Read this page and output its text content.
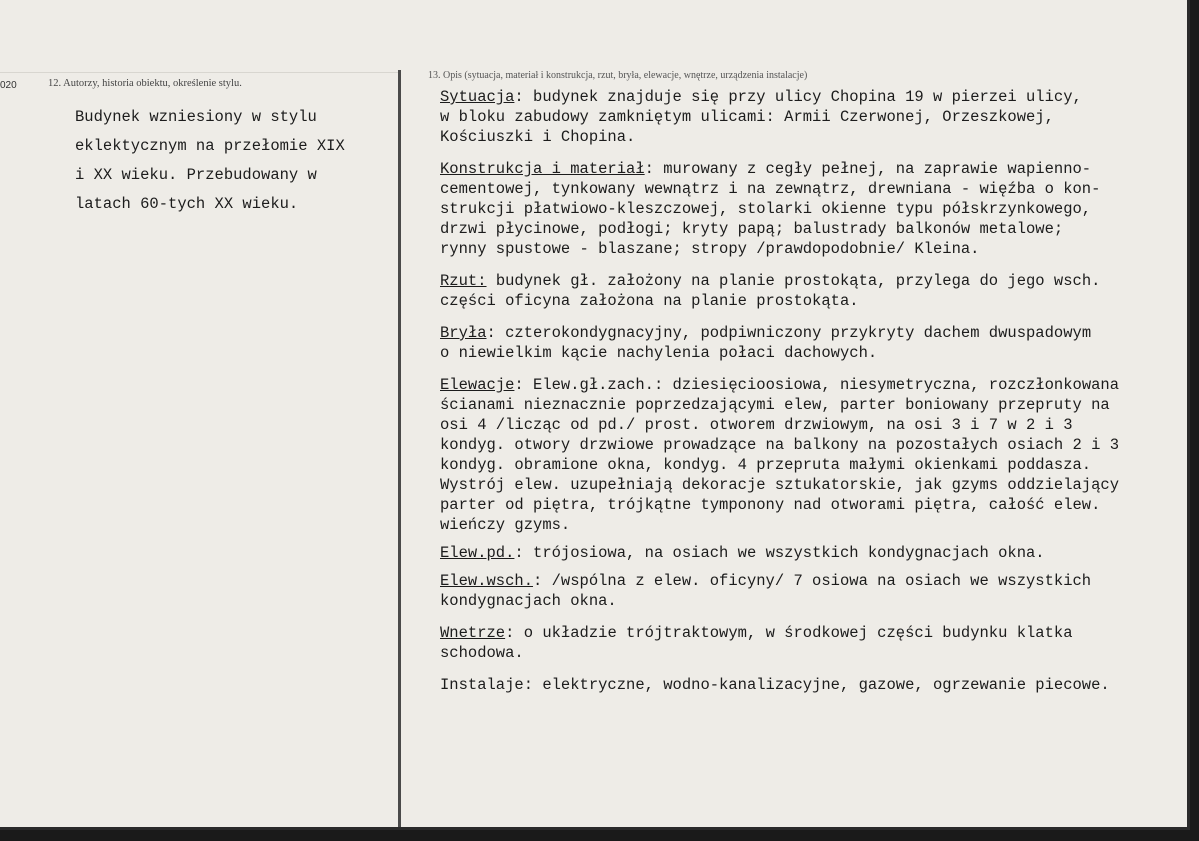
020	12. Autorzy, historia obiektu, określenie stylu.
13. Opis (sytuacja, materiał i konstrukcja, rzut, bryła, elewacje, wnętrze, urządzenia instalacje)
Budynek wzniesiony w stylu
eklektycznym na przełomie XIX
i XX wieku. Przebudowany w
latach 60-tych XX wieku.
Sytuacja: budynek znajduje się przy ulicy Chopina 19 w pierzei ulicy,
w bloku zabudowy zamkniętym ulicami: Armii Czerwonej, Orzeszkowej,
Kościuszki i Chopina.
Konstrukcja i materiał: murowany z cegły pełnej, na zaprawie wapienno-
cementowej, tynkowany wewnątrz i na zewnątrz, drewniana - więźba o kon-
strukcji płatwiowo-kleszczowej, stolarki okienne typu półskrzynkowego,
drzwi płycinowe, podłogi; kryty papą; balustrady balkonów metalowe;
rynny spustowe - blaszane; stropy /prawdopodobnie/ Kleina.
Rzut: budynek gł. założony na planie prostokąta, przylega do jego wsch.
części oficyna założona na planie prostokąta.
Bryła: czterokondygnacyjny, podpiwniczony przykryty dachem dwuspadowym
o niewielkim kącie nachylenia połaci dachowych.
Elewacje: Elew.gł.zach.: dziesięcioosiowa, niesymetryczna, rozczłonkowana
ścianami nieznacznie poprzedzającymi elew, parter boniowany przepruty na
osi 4 /licząc od pd./ prost. otworem drzwiowym, na osi 3 i 7 w 2 i 3
kondyg. otwory drzwiowe prowadzące na balkony na pozostałych osiach 2 i 3
kondyg. obramione okna, kondyg. 4 przepruta małymi okienkami poddasza.
Wystrój elew. uzupełniają dekoracje sztukatorskie, jak gzyms oddzielający
parter od piętra, trójkątne tymponony nad otworami piętra, całość elew.
wieńczy gzyms.
Elew.pd.: trójosiowa, na osiach we wszystkich kondygnacjach okna.
Elew.wsch.: /wspólna z elew. oficyny/ 7 osiowa na osiach we wszystkich
kondygnacjach okna.
Wnetrze: o układzie trójtraktowym, w środkowej części budynku klatka
schodowa.
Instalaje: elektryczne, wodno-kanalizacyjne, gazowe, ogrzewanie piecowe.
